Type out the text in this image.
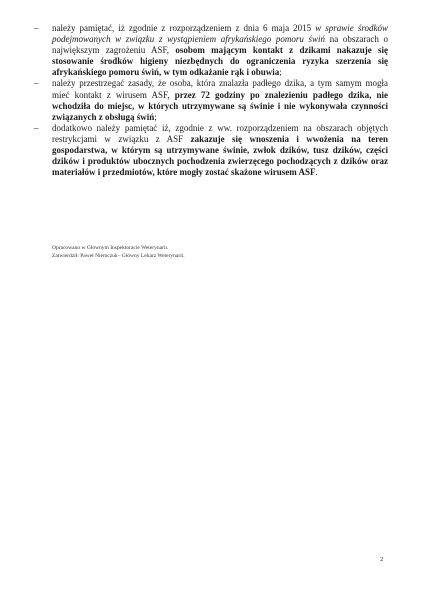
– należy pamiętać, iż zgodnie z rozporządzeniem z dnia 6 maja 2015 w sprawie środków podejmowanych w związku z wystąpieniem afrykańskiego pomoru świń na obszarach o największym zagrożeniu ASF, osobom mającym kontakt z dzikami nakazuje się stosowanie środków higieny niezbędnych do ograniczenia ryzyka szerzenia się afrykańskiego pomoru świń, w tym odkażanie rąk i obuwia;
– należy przestrzegać zasady, że osoba, która znalazła padłego dzika, a tym samym mogła mieć kontakt z wirusem ASF, przez 72 godziny po znalezieniu padłego dzika, nie wchodziła do miejsc, w których utrzymywane są świnie i nie wykonywała czynności związanych z obsługą świń;
– dodatkowo należy pamiętać iż, zgodnie z ww. rozporządzeniem na obszarach objętych restrykcjami w związku z ASF zakazuje się wnoszenia i wwożenia na teren gospodarstwa, w którym są utrzymywane świnie, zwłok dzików, tusz dzików, części dzików i produktów ubocznych pochodzenia zwierzęcego pochodzących z dzików oraz materiałów i przedmiotów, które mogły zostać skażone wirusem ASF.
Opracowano w Głównym Inspektoracie Weterynarii.
Zatwierdził: Paweł Niemczuk– Główny Lekarz Weterynarii.
2
